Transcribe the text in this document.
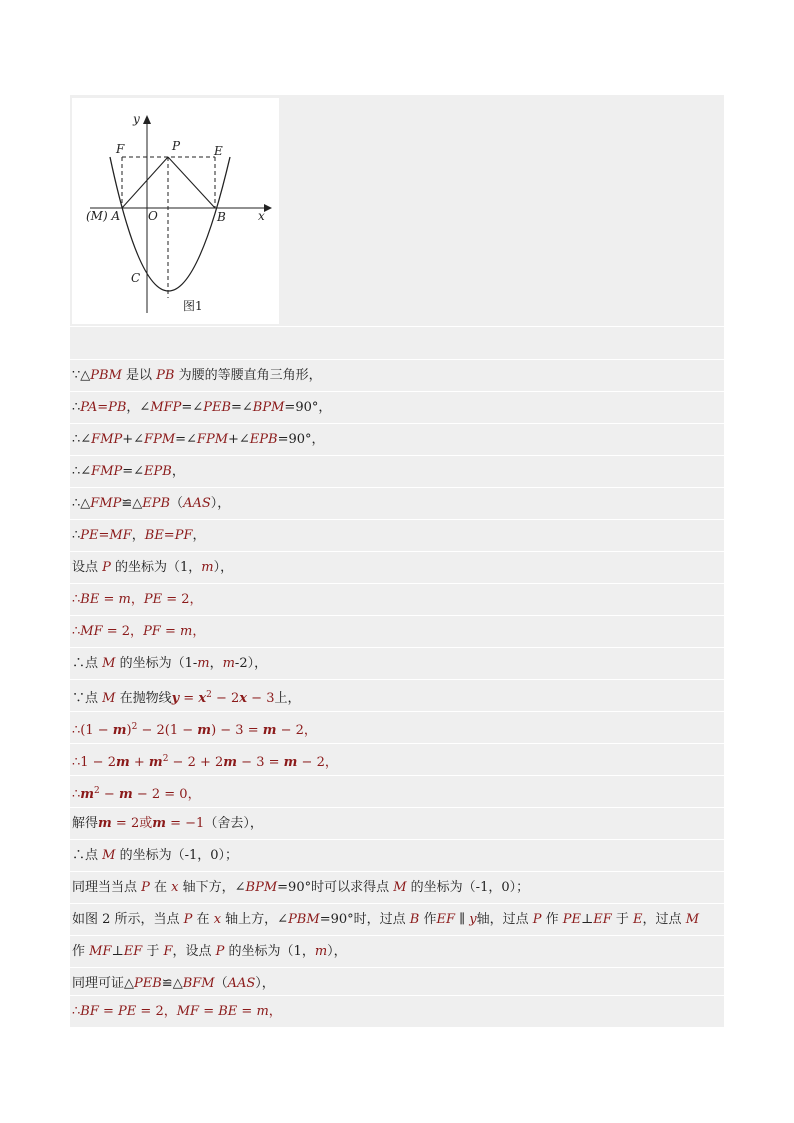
y
x
P
F	E
(M) A O	B
C
图1
∵△PBM 是以 PB 为腰的等腰直角三角形，
∴PA=PB，∠MFP=∠PEB=∠BPM=90°，
∴∠FMP+∠FPM=∠FPM+∠EPB=90°，
∴∠FMP=∠EPB，
∴△FMP≌△EPB（AAS），
∴PE=MF，BE=PF，
设点 P 的坐标为（1，m），
∴BE = m，PE = 2，
∴MF = 2，PF = m，
∴点 M 的坐标为（1-m，m-2），
∵点 M 在抛物线$y = x^2 - 2x - 3$上，
∴(1 − m)$^2$ − 2(1 − m) − 3 = m − 2，
∴1 − $2m + m^2 - 2 + 2m - 3 = m - 2$，
$\therefore m^2 - m - 2 = 0$，
解得m = 2或m = −1（舍去），
∴点 M 的坐标为（-1，0）；
同理当当点 P 在 x 轴下方，∠BPM=90°时可以求得点 M 的坐标为（-1，0）；
如图 2 所示，当点 P 在 x 轴上方，∠PBM=90°时，过点 B 作EF ∥ y轴，过点 P 作 PE⊥EF 于 E，过点 M
作 MF⊥EF 于 F，设点 P 的坐标为（1，m），
同理可证△PEB≌△BFM（AAS），
∴BF = PE = 2，MF = BE = m，
